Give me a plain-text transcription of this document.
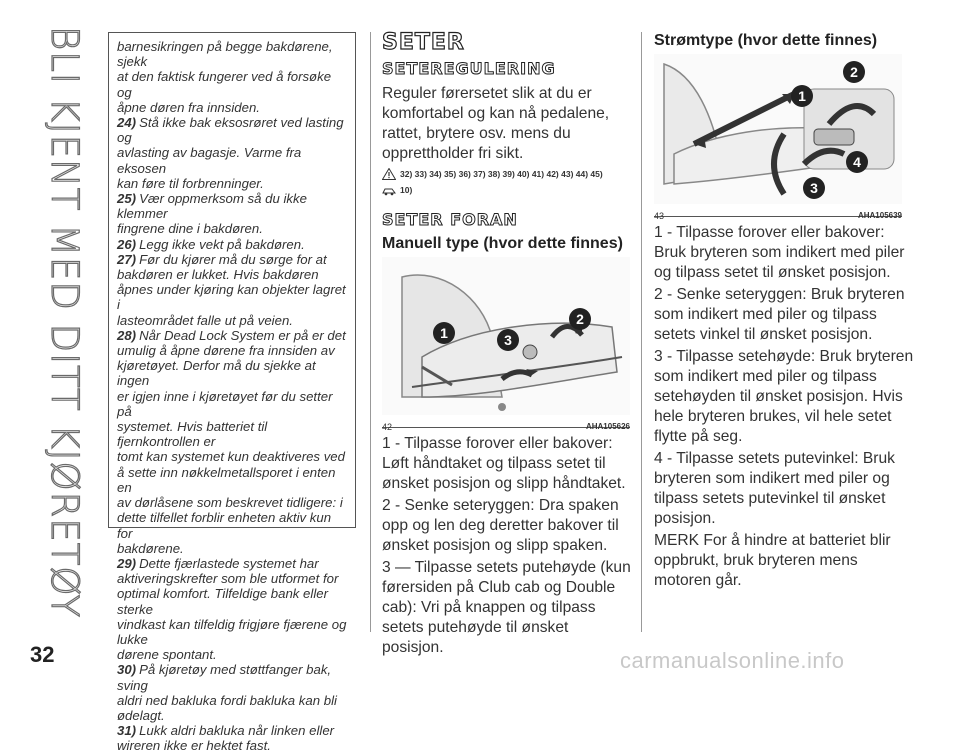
BLI KJENT MED DITT KJØRETØY barnesikringen på begge bakdørene, sjekk
at den faktisk fungerer ved å forsøke og
åpne døren fra innsiden.
24) Stå ikke bak eksosrøret ved lasting og
avlasting av bagasje. Varme fra eksosen
kan føre til forbrenninger.
25) Vær oppmerksom så du ikke klemmer
fingrene dine i bakdøren.
26) Legg ikke vekt på bakdøren.
27) Før du kjører må du sørge for at
bakdøren er lukket. Hvis bakdøren
åpnes under kjøring kan objekter lagret i
lasteområdet falle ut på veien.
28) Når Dead Lock System er på er det
umulig å åpne dørene fra innsiden av
kjøretøyet. Derfor må du sjekke at ingen
er igjen inne i kjøretøyet før du setter på
systemet. Hvis batteriet til fjernkontrollen er
tomt kan systemet kun deaktiveres ved
å sette inn nøkkelmetallsporet i enten en
av dørlåsene som beskrevet tidligere: i
dette tilfellet forblir enheten aktiv kun for
bakdørene.
29) Dette fjærlastede systemet har
aktiveringskrefter som ble utformet for
optimal komfort. Tilfeldige bank eller sterke
vindkast kan tilfeldig frigjøre fjærene og lukke
dørene spontant.
30) På kjøretøy med støttfanger bak, sving
aldri ned bakluka fordi bakluka kan bli
ødelagt.
31) Lukk aldri bakluka når linken eller
wireren ikke er hektet fast.
SETER
SETEREGULERING

Reguler førersetet slik at du er komfortabel og kan nå pedalene, rattet, brytere osv. mens du opprettholder fri sikt.

32) 33) 34) 35) 36) 37) 38) 39) 40) 41) 42) 43) 44) 45)
10)
SETER FORAN
Manuell type (hvor dette finnes)
1	3
2
42	AHA105626

1 - Tilpasse forover eller bakover: Løft håndtaket og tilpass setet til ønsket posisjon og slipp håndtaket.

2 - Senke seteryggen: Dra spaken opp og len deg deretter bakover til ønsket posisjon og slipp spaken.

3 — Tilpasse setets putehøyde (kun førersiden på Club cab og Double cab): Vri på knappen og tilpass setets putehøyde til ønsket posisjon.

Strømtype (hvor dette finnes)
2
1
4
3
43	AHA105639

1 - Tilpasse forover eller bakover: Bruk bryteren som indikert med piler og tilpass setet til ønsket posisjon.

2 - Senke seteryggen: Bruk bryteren som indikert med piler og tilpass setets vinkel til ønsket posisjon.

3 - Tilpasse setehøyde: Bruk bryteren som indikert med piler og tilpass setehøyden til ønsket posisjon. Hvis hele bryteren brukes, vil hele setet flytte på seg.

4 - Tilpasse setets putevinkel: Bruk bryteren som indikert med piler og tilpass setets putevinkel til ønsket posisjon.

MERK For å hindre at batteriet blir oppbrukt, bruk bryteren mens motoren går.

32	carmanualsonline.info
